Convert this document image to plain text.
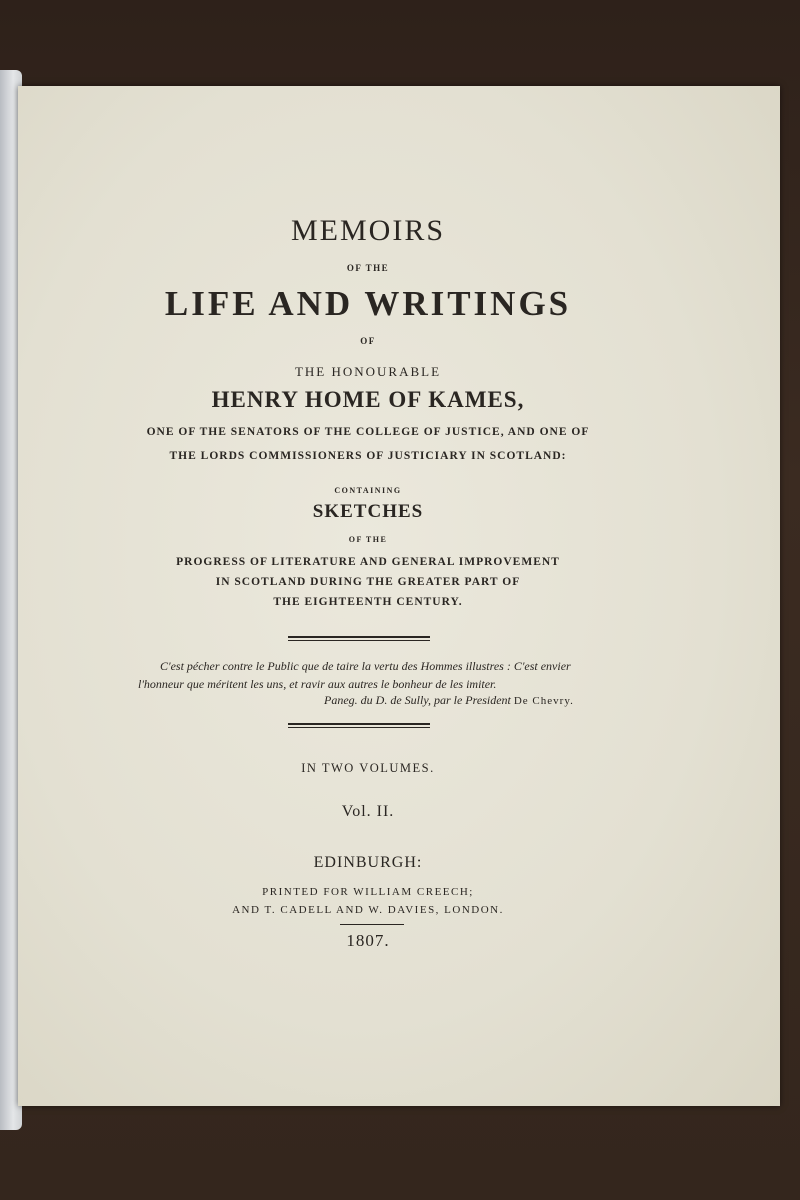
MEMOIRS
OF THE
LIFE AND WRITINGS
OF
THE HONOURABLE
HENRY HOME OF KAMES,
ONE OF THE SENATORS OF THE COLLEGE OF JUSTICE, AND ONE OF
THE LORDS COMMISSIONERS OF JUSTICIARY IN SCOTLAND:
CONTAINING
SKETCHES
OF THE
PROGRESS OF LITERATURE AND GENERAL IMPROVEMENT
IN SCOTLAND DURING THE GREATER PART OF
THE EIGHTEENTH CENTURY.
C'est pécher contre le Public que de taire la vertu des Hommes illustres : C'est envier
l'honneur que méritent les uns, et ravir aux autres le bonheur de les imiter.
Paneg. du D. de Sully, par le President De Chevry.
IN TWO VOLUMES.
Vol. II.
EDINBURGH:
PRINTED FOR WILLIAM CREECH;
AND T. CADELL AND W. DAVIES, LONDON.
1807.
